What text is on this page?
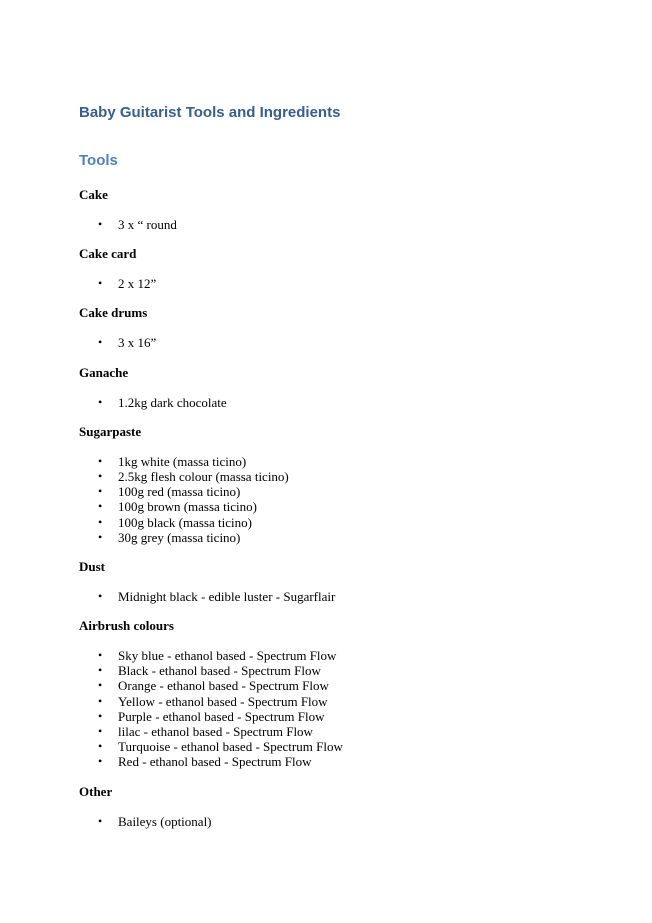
Baby Guitarist Tools and Ingredients
Tools
Cake
• 3 x “ round
Cake card
• 2 x 12”
Cake drums
• 3 x 16”
Ganache
• 1.2kg dark chocolate
Sugarpaste
• 1kg white (massa ticino)
• 2.5kg flesh colour (massa ticino)
• 100g red (massa ticino)
• 100g brown (massa ticino)
• 100g black (massa ticino)
• 30g grey (massa ticino)
Dust
• Midnight black - edible luster - Sugarflair
Airbrush colours
• Sky blue - ethanol based - Spectrum Flow
• Black - ethanol based - Spectrum Flow
• Orange - ethanol based - Spectrum Flow
• Yellow - ethanol based - Spectrum Flow
• Purple - ethanol based - Spectrum Flow
• lilac - ethanol based - Spectrum Flow
• Turquoise - ethanol based - Spectrum Flow
• Red - ethanol based - Spectrum Flow
Other
• Baileys (optional)
